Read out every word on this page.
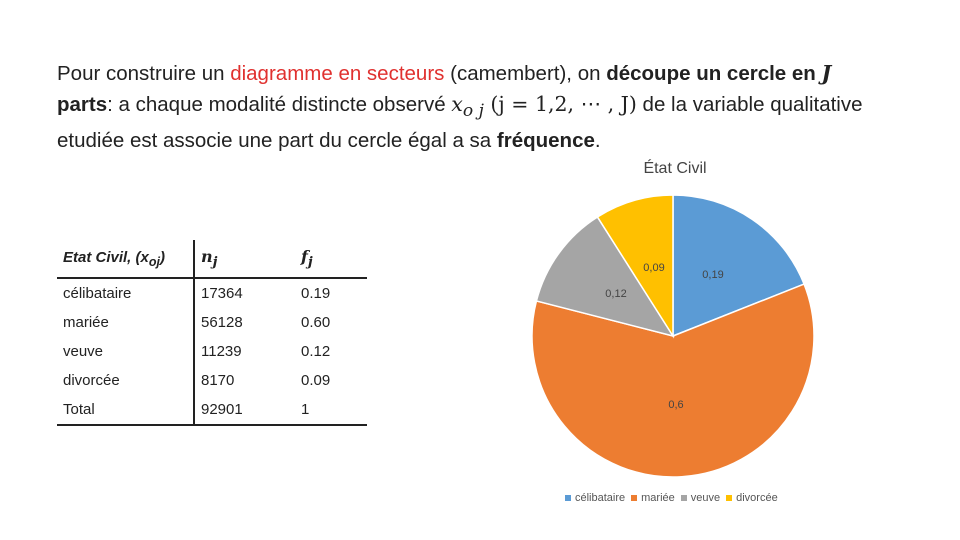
Pour construire un diagramme en secteurs (camembert), on découpe un cercle en J
parts: a chaque modalité distincte observé $x_{o j}$ (j = 1,2, ⋯ , J) de la variable qualitative etudiée est associe une part du cercle égal a sa fréquence.
Etat Civil, $(x_{oj})$	$n_j$	$f_j$
célibataire	17364	0.19
mariée	56128	0.60
veuve	11239	0.12
divorcée	8170	0.09
Total	92901	1
État Civil
0,19
0,6
0,12
0,09
célibataire mariée veuve divorcée
